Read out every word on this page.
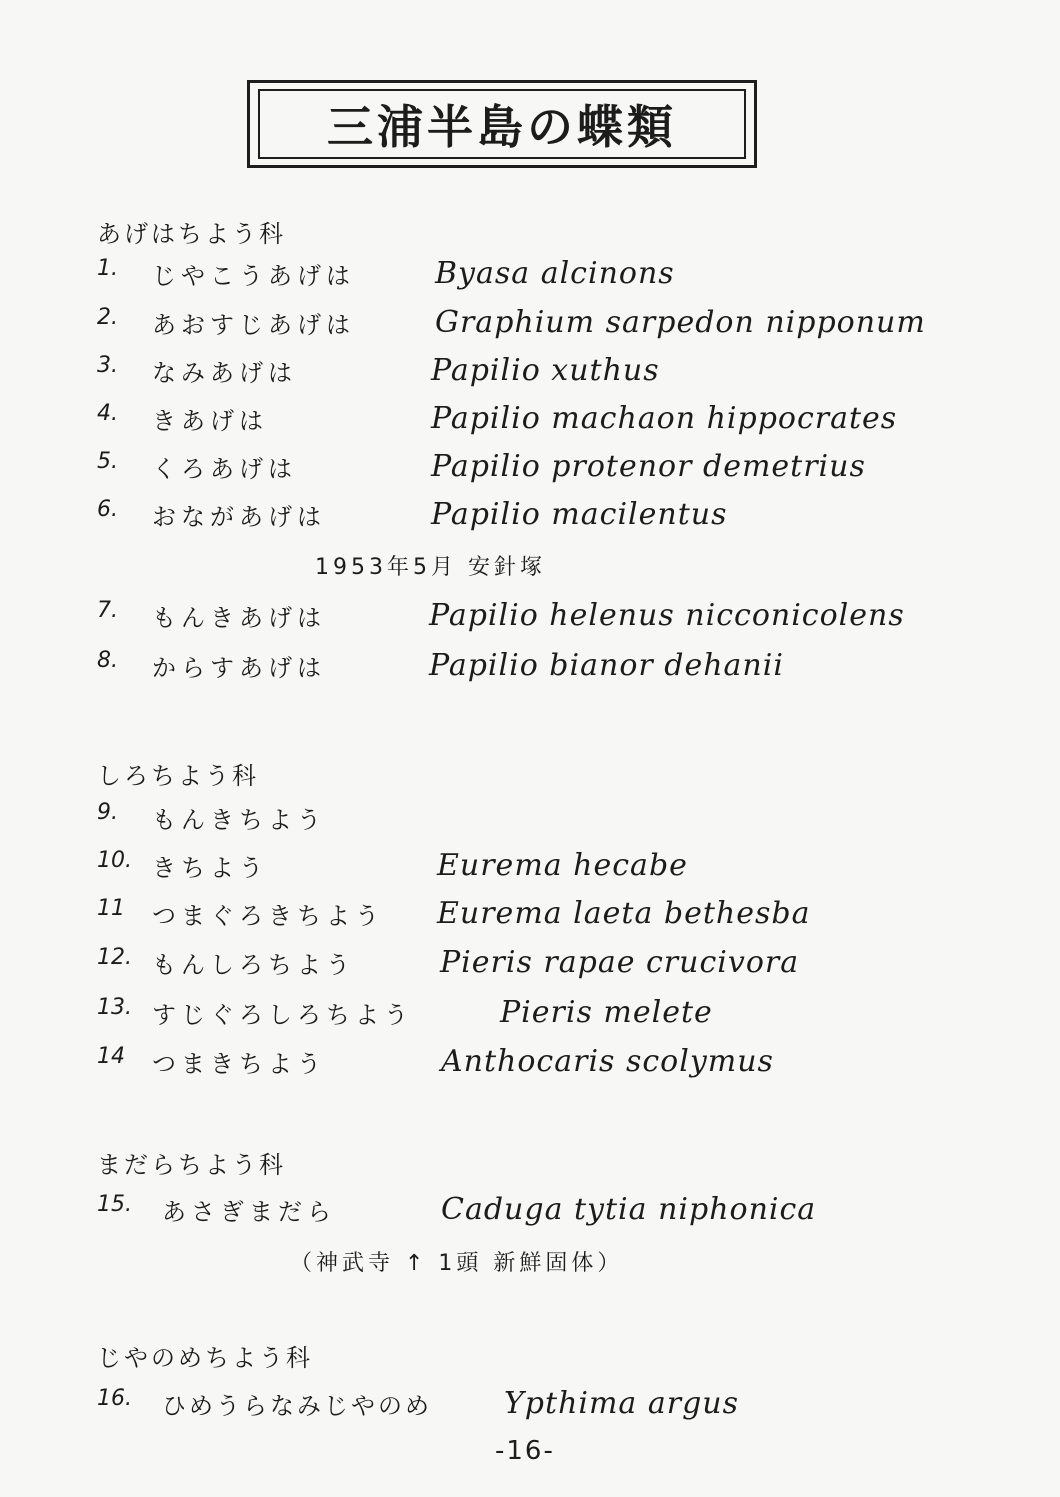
三浦半島の蝶類
あげはちよう科
1. じやこうあげは	Byasa alcinons
2. あおすじあげは	Graphium sarpedon nipponum
3. なみあげは	Papilio xuthus
4. きあげは	Papilio machaon hippocrates
5. くろあげは	Papilio protenor demetrius
6. おながあげは	Papilio macilentus
1953年5月 安針塚
7. もんきあげは	Papilio helenus nicconicolens
8. からすあげは	Papilio bianor dehanii
しろちよう科
9. もんきちよう
10. きちよう	Eurema hecabe
11 つまぐろきちよう Eurema laeta bethesba
12. もんしろちよう	Pieris rapae crucivora
13. すじぐろしろちよう	Pieris melete
14 つまきちよう	Anthocaris scolymus
まだらちよう科
15. あさぎまだら	Caduga tytia niphonica
（神武寺 ↑ 1頭 新鮮固体）
じやのめちよう科
16. ひめうらなみじやのめ Ypthima argus
-16-
